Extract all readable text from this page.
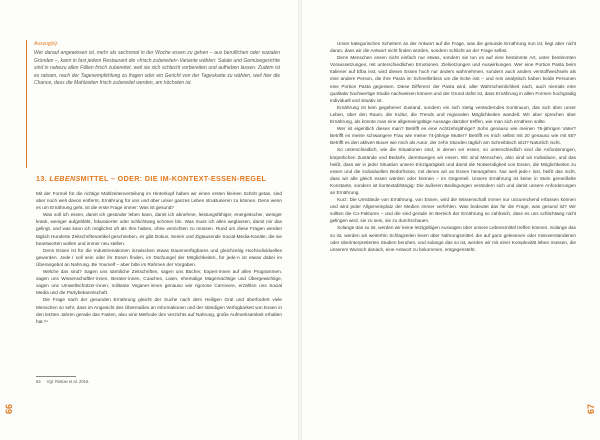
Auszug(e):
Wer darauf angewiesen ist, mehr als sechsmal in der Woche essen zu gehen – aus beruflichen oder sozialen Gründen –, kann in fast jedem Restaurant die »frisch zubereitet«-Variante wählen: Salate und Gemüsegerichte sind in nahezu allen Fällen frisch zubereitet, weil sie sich schlecht vorbereiten und aufheben lassen. Zudem ist es ratsam, nach der Tagesempfehlung zu fragen oder ein Gericht von der Tageskarte zu wählen, weil hier die Chance, dass die Mahlzeiten frisch zubereitet werden, am höchsten ist.
13. LEBENSMITTEL – ODER: DIE IM-KONTEXT-ESSEN-REGEL

Mit der Formel für die richtige Mahlzeitenverteilung im Hinterkopf haben wir einen ersten kleinen Schritt getan, sind aber noch weit davon entfernt, Ernährung für uns und über unser ganzes Leben strukturieren zu können. Denn wenn es um Ernährung geht, ist die erste Frage immer: Was ist gesund?

Was soll ich essen, damit ich gesünder leben kann, damit ich abnehme, leistungsfähiger, energetischer, weniger krank, weniger aufgebläht, fokussierter oder schlichtweg schöner bin. Was muss ich alles weglassen, damit mir das gelingt, und was kann ich möglichst oft als Ihre haben, ohne verzichten zu müssen. Rund um diese Fragen werden täglich Hunderte Zeitschriftenartikel geschrieben, es gibt Dokus, Serien und Zigtausende Social-Media-Kanäle, die sie beantworten wollen und immer neu stellen.

Denn Essen ist für die Industrienationen inzwischen etwas Dauerverfügbares und gleichzeitig Hochindividuelles geworden. Jede·r soll sein oder ihr Essen finden, im Dschungel der Möglichkeiten, für jede·n ist etwas dabei im Überangebot an Nahrung. Be Yourself – aber bitte im Rahmen der Vorgaben.

Welche das sind? Sagen uns sämtliche Zeitschriften, sagen uns Bücher, Expert·innen auf allen Programmen, sagen uns Wissenschaftler·innen, Berater·innen, Coaches, Laien, ehemalige Magersüchtige und Übergewichtige, sagen uns Umweltschützer·innen, militante Veganer·innen genauso wie rigorose Carnivore, erzählen uns Social Media und die Partybekanntschaft.

Die Frage nach der gesunden Ernährung gleicht der Suche nach dem Heiligen Gral und überfordert viele Menschen so sehr, dass im Angesicht des Übermaßes an Informationen und der ständigen Verfügbarkeit von Essen in den letzten Jahren gerade das Fasten, also eine Methode des Verzichts auf Nahrung, große Aufmerksamkeit erhalten hat.⁶⁴

64 Vgl. Ristow et al. 2016.
66

Unser kategorisches Scheitern an der Antwort auf die Frage, was die gesunde Ernährung nun ist, liegt aber nicht daran, dass wir die Antwort nicht finden würden, sondern schlicht an der Frage selbst.

Denn Menschen essen nicht einfach nur etwas, sondern sie tun es auf eine bestimmte Art, unter bestimmten Voraussetzungen, mit unterschiedlichen Emotionen, Zielsetzungen und Auswirkungen. Wer eine Portion Pasta beim Italiener auf Elba isst, wird dieses Essen hoch nur anders wahrnehmen, sondern auch anders verstoffwechseln als eine andere Person, die ihre Pasta im Schnellimbiss um die Ecke isst – und rein analytisch haben beide Personen eine Portion Pasta gegessen. Diese Differenz der Pasta wird, aller Wahrscheinlichkeit nach, auch niemals eine qualitativ hochwertige Studie nachweisen können und der Grund dafür ist, dass Ernährung in allen Formen hochgradig individuell und situativ ist.

Ernährung ist kein gegebener Zustand, sondern ein sich stetig veränderndes Kontinuum, das sich über unser Leben, über den Raum, die Kultur, die Trends und regionalen Möglichkeiten wandelt. Wir aber sprechen über Ernährung, als könnte man eine allgemeingültige Aussage darüber treffen, wie man sich ernähren sollte.

Wer ist eigentlich dieses man? Betrifft es eine Achtzehnjährige? Sohn genauso wie meinen 76-jährigen Vater? Betrifft es meine schwangere Frau wie meine 74-jährige Mutter? Betrifft es mich selbst mit 20 genauso wie mit 60? Betrifft es den aktiven Boxer wie mich als Autor, der zehn Stunden täglich am Schreibtisch sitzt? Natürlich nicht.

So unterschiedlich, wie die Situationen sind, in denen wir essen, so unterschiedlich sind die Anforderungen, körperlichen Zustände und Bedarfe, derentwegen wir essen. Wir sind Menschen, also sind wir Individuen, und das heißt, dass wir in jeder Situation unsere Einzigartigkeit und damit die Notwendigkeit von Essen, die Möglichkeiten zu essen und die individuellen Bedürfnisse, mit denen wir an Essen herangehen. Nur weil jede·r isst, heißt das nicht, dass wir alle gleich essen würden oder können – im Gegenteil. Unsere Ernährung ist keine in Stein gemeißelte Konstante, sondern ist kontextabhängig: Die äußeren Bedingungen verändern sich und damit unsere Anforderungen an Ernährung.

Kurz: Die Umstände von Ernährung, von Essen, wird die Wissenschaft immer nur unzureichend erfassen können und wird jeder Allgemeinplatz der Medien immer verfehlen. Was bedeutet das für die Frage, was gesund ist? Wir sollten die Co-Faktoren – und die sind gerade im Bereich der Ernährung so zahlreich, dass es uns schlichtweg nicht gelingen wird, sie zu sein, sie zu durchschauen.

Solange das so ist, werden wir keine letztgültigen Aussagen über unsere Lebensmittel treffen können. Solange das so ist, werden wir weiterhin Schlagzeilen lesen über Nahrungsmittel, die auf ganz gelesenen oder missverstandenen oder überinterpretierten Studien beruhen, und solange das so ist, werden wir mit einer Komplexität leben müssen, die unserem Wunsch danach, eine Antwort zu bekommen, entgegensteht.

67
